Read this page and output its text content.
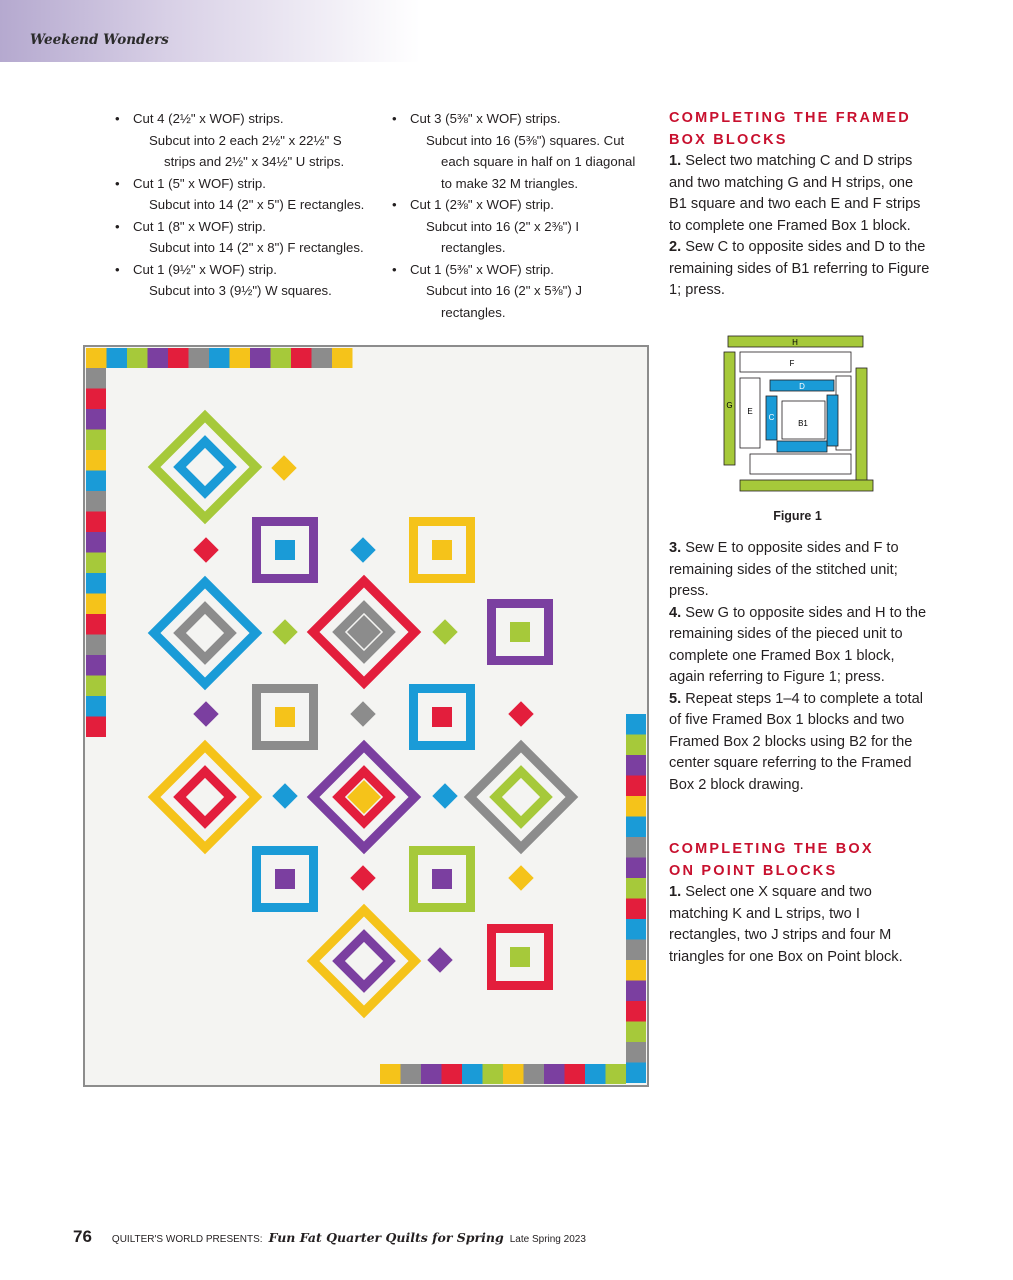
Weekend Wonders
•	Cut 4 (2½" x WOF) strips.
Subcut into 2 each 2½" x 22½" S
strips and 2½" x 34½" U strips.
•	Cut 1 (5" x WOF) strip.
Subcut into 14 (2" x 5") E rectangles.
•	Cut 1 (8" x WOF) strip.
Subcut into 14 (2" x 8") F rectangles.
•	Cut 1 (9½" x WOF) strip.
Subcut into 3 (9½") W squares.
•	Cut 3 (5⅜" x WOF) strips.
Subcut into 16 (5⅜") squares. Cut
each square in half on 1 diagonal
to make 32 M triangles.
•	Cut 1 (2⅜" x WOF) strip.
Subcut into 16 (2" x 2⅜") I
rectangles.
•	Cut 1 (5⅜" x WOF) strip.
Subcut into 16 (2" x 5⅜") J
rectangles.
COMPLETING THE FRAMED
BOX BLOCKS

1. Select two matching C and D strips and two matching G and H strips, one B1 square and two each E and F strips to complete one Framed Box 1 block.

2. Sew C to opposite sides and D to the remaining sides of B1 referring to Figure 1; press.

H
G
F
E
D
C
B1
Figure 1

3. Sew E to opposite sides and F to remaining sides of the stitched unit; press.

4. Sew G to opposite sides and H to the remaining sides of the pieced unit to complete one Framed Box 1 block, again referring to Figure 1; press.

5. Repeat steps 1–4 to complete a total of five Framed Box 1 blocks and two Framed Box 2 blocks using B2 for the center square referring to the Framed Box 2 block drawing.

COMPLETING THE BOX
ON POINT BLOCKS

1. Select one X square and two matching K and L strips, two I rectangles, two J strips and four M triangles for one Box on Point block.

76 QUILTER'S WORLD PRESENTS: Fun Fat Quarter Quilts for Spring Late Spring 2023
